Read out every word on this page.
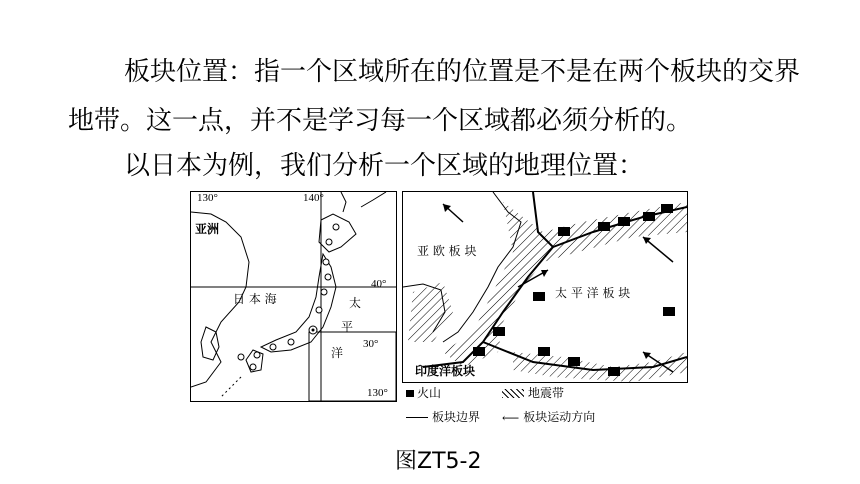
板块位置：指一个区域所在的位置是不是在两个板块的交界
地带。这一点，并不是学习每一个区域都必须分析的。
以日本为例，我们分析一个区域的地理位置：
130°	140°
40°
30°
130°
亚洲
日 本 海	太
平
洋
亚 欧 板 块
太 平 洋 板 块
印度洋板块
火山	地震带
板块边界 ⟵ 板块运动方向
图ZT5-2
